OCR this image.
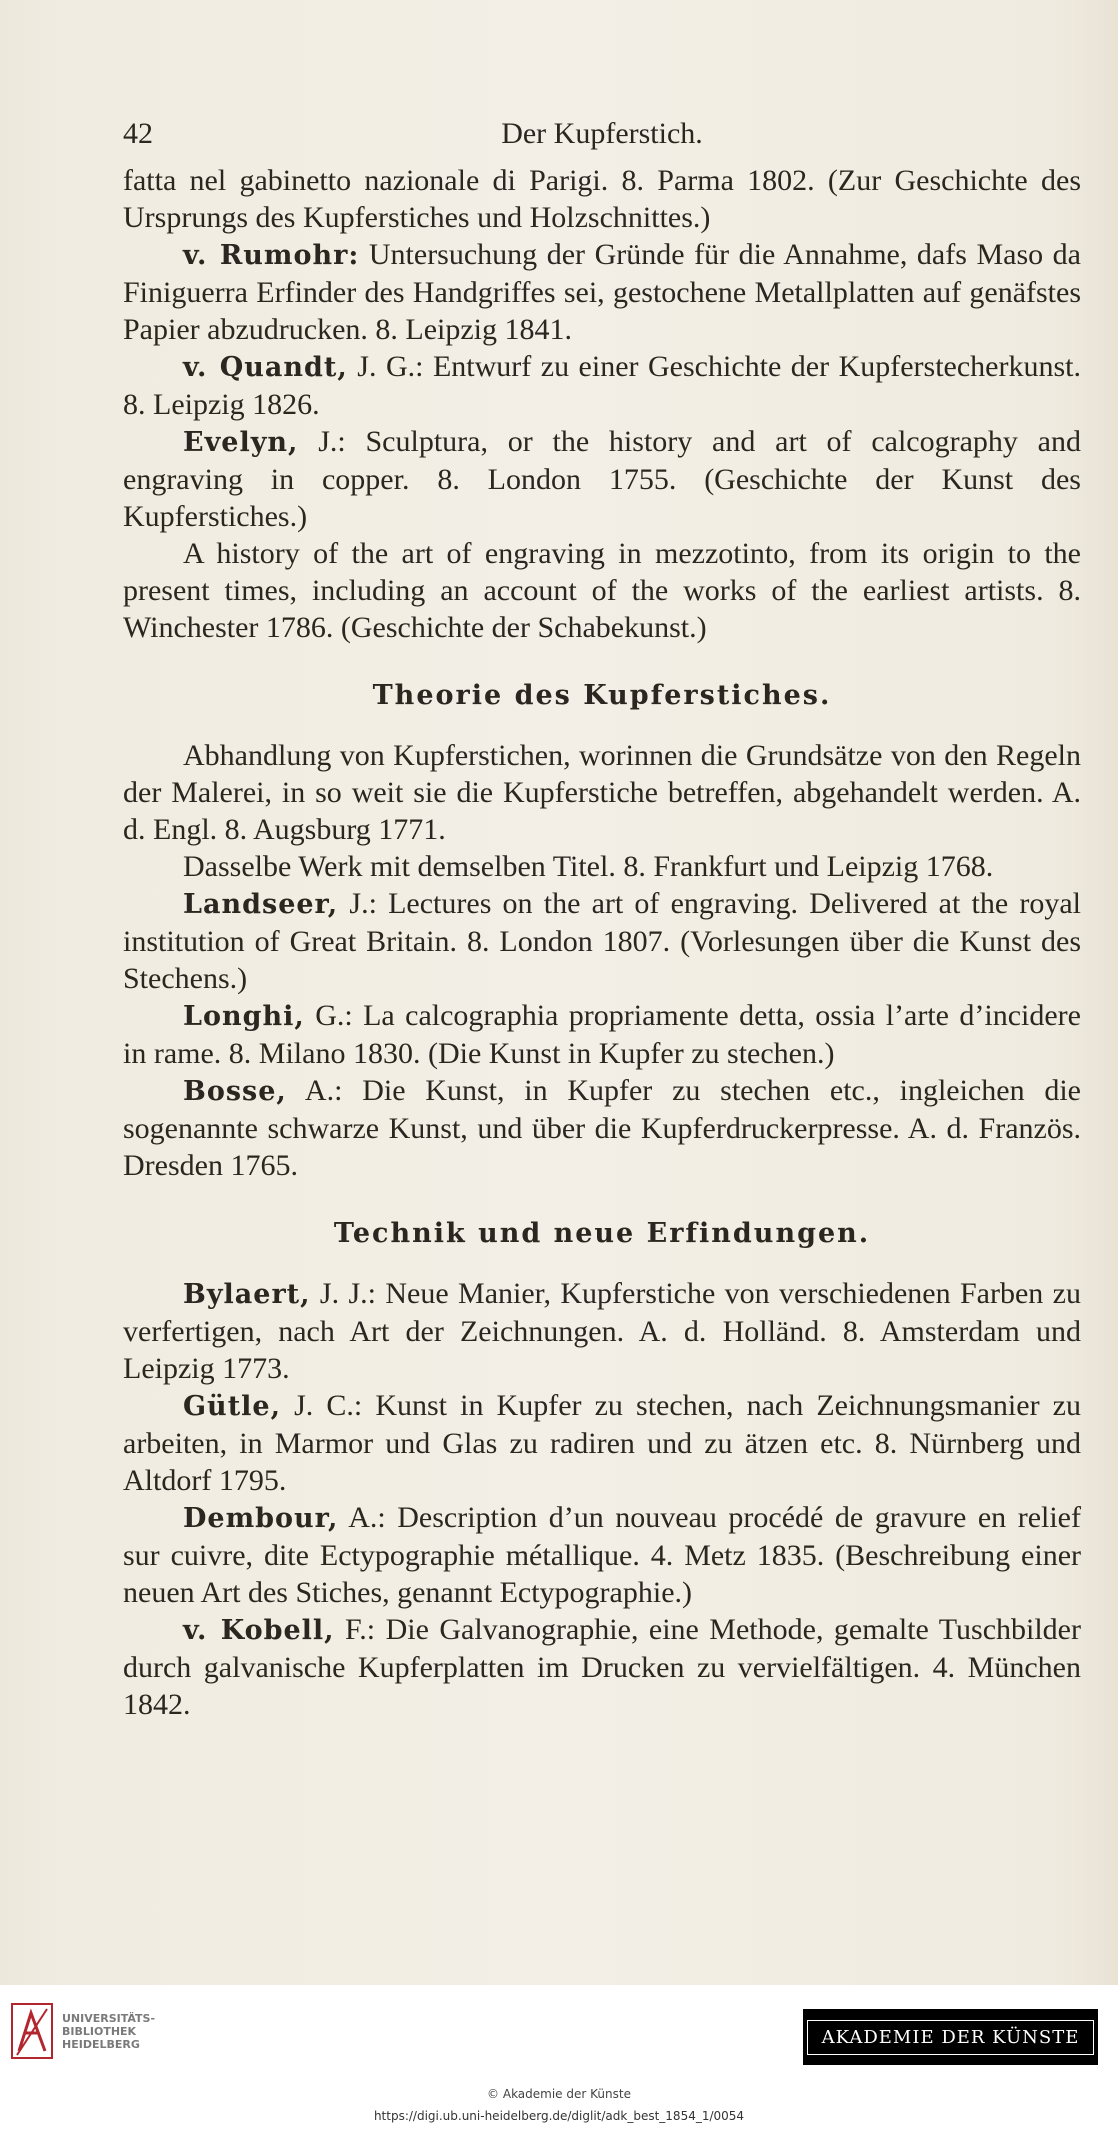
42	Der Kupferstich.

fatta nel gabinetto nazionale di Parigi. 8. Parma 1802. (Zur Geschichte des Ursprungs des Kupferstiches und Holzschnittes.)

v. Rumohr: Untersuchung der Gründe für die Annahme, dafs Maso da Finiguerra Erfinder des Handgriffes sei, gestochene Metallplatten auf genäfstes Papier abzudrucken. 8. Leipzig 1841.

v. Quandt, J. G.: Entwurf zu einer Geschichte der Kupferstecherkunst. 8. Leipzig 1826.

Evelyn, J.: Sculptura, or the history and art of calcography and engraving in copper. 8. London 1755. (Geschichte der Kunst des Kupferstiches.)

A history of the art of engraving in mezzotinto, from its origin to the present times, including an account of the works of the earliest artists. 8. Winchester 1786. (Geschichte der Schabekunst.)

Theorie des Kupferstiches.

Abhandlung von Kupferstichen, worinnen die Grundsätze von den Regeln der Malerei, in so weit sie die Kupferstiche betreffen, abgehandelt werden. A. d. Engl. 8. Augsburg 1771.

Dasselbe Werk mit demselben Titel. 8. Frankfurt und Leipzig 1768.

Landseer, J.: Lectures on the art of engraving. Delivered at the royal institution of Great Britain. 8. London 1807. (Vorlesungen über die Kunst des Stechens.)

Longhi, G.: La calcographia propriamente detta, ossia l’arte d’incidere in rame. 8. Milano 1830. (Die Kunst in Kupfer zu stechen.)

Bosse, A.: Die Kunst, in Kupfer zu stechen etc., ingleichen die sogenannte schwarze Kunst, und über die Kupferdruckerpresse. A. d. Französ. Dresden 1765.

Technik und neue Erfindungen.

Bylaert, J. J.: Neue Manier, Kupferstiche von verschiedenen Farben zu verfertigen, nach Art der Zeichnungen. A. d. Holländ. 8. Amsterdam und Leipzig 1773.

Gütle, J. C.: Kunst in Kupfer zu stechen, nach Zeichnungsmanier zu arbeiten, in Marmor und Glas zu radiren und zu ätzen etc. 8. Nürnberg und Altdorf 1795.

Dembour, A.: Description d’un nouveau procédé de gravure en relief sur cuivre, dite Ectypographie métallique. 4. Metz 1835. (Beschreibung einer neuen Art des Stiches, genannt Ectypographie.)

v. Kobell, F.: Die Galvanographie, eine Methode, gemalte Tuschbilder durch galvanische Kupferplatten im Drucken zu vervielfältigen. 4. München 1842.

UNIVERSITÄTS-
BIBLIOTHEK
HEIDELBERG	AKADEMIE DER KÜNSTE
© Akademie der Künste
https://digi.ub.uni-heidelberg.de/diglit/adk_best_1854_1/0054
